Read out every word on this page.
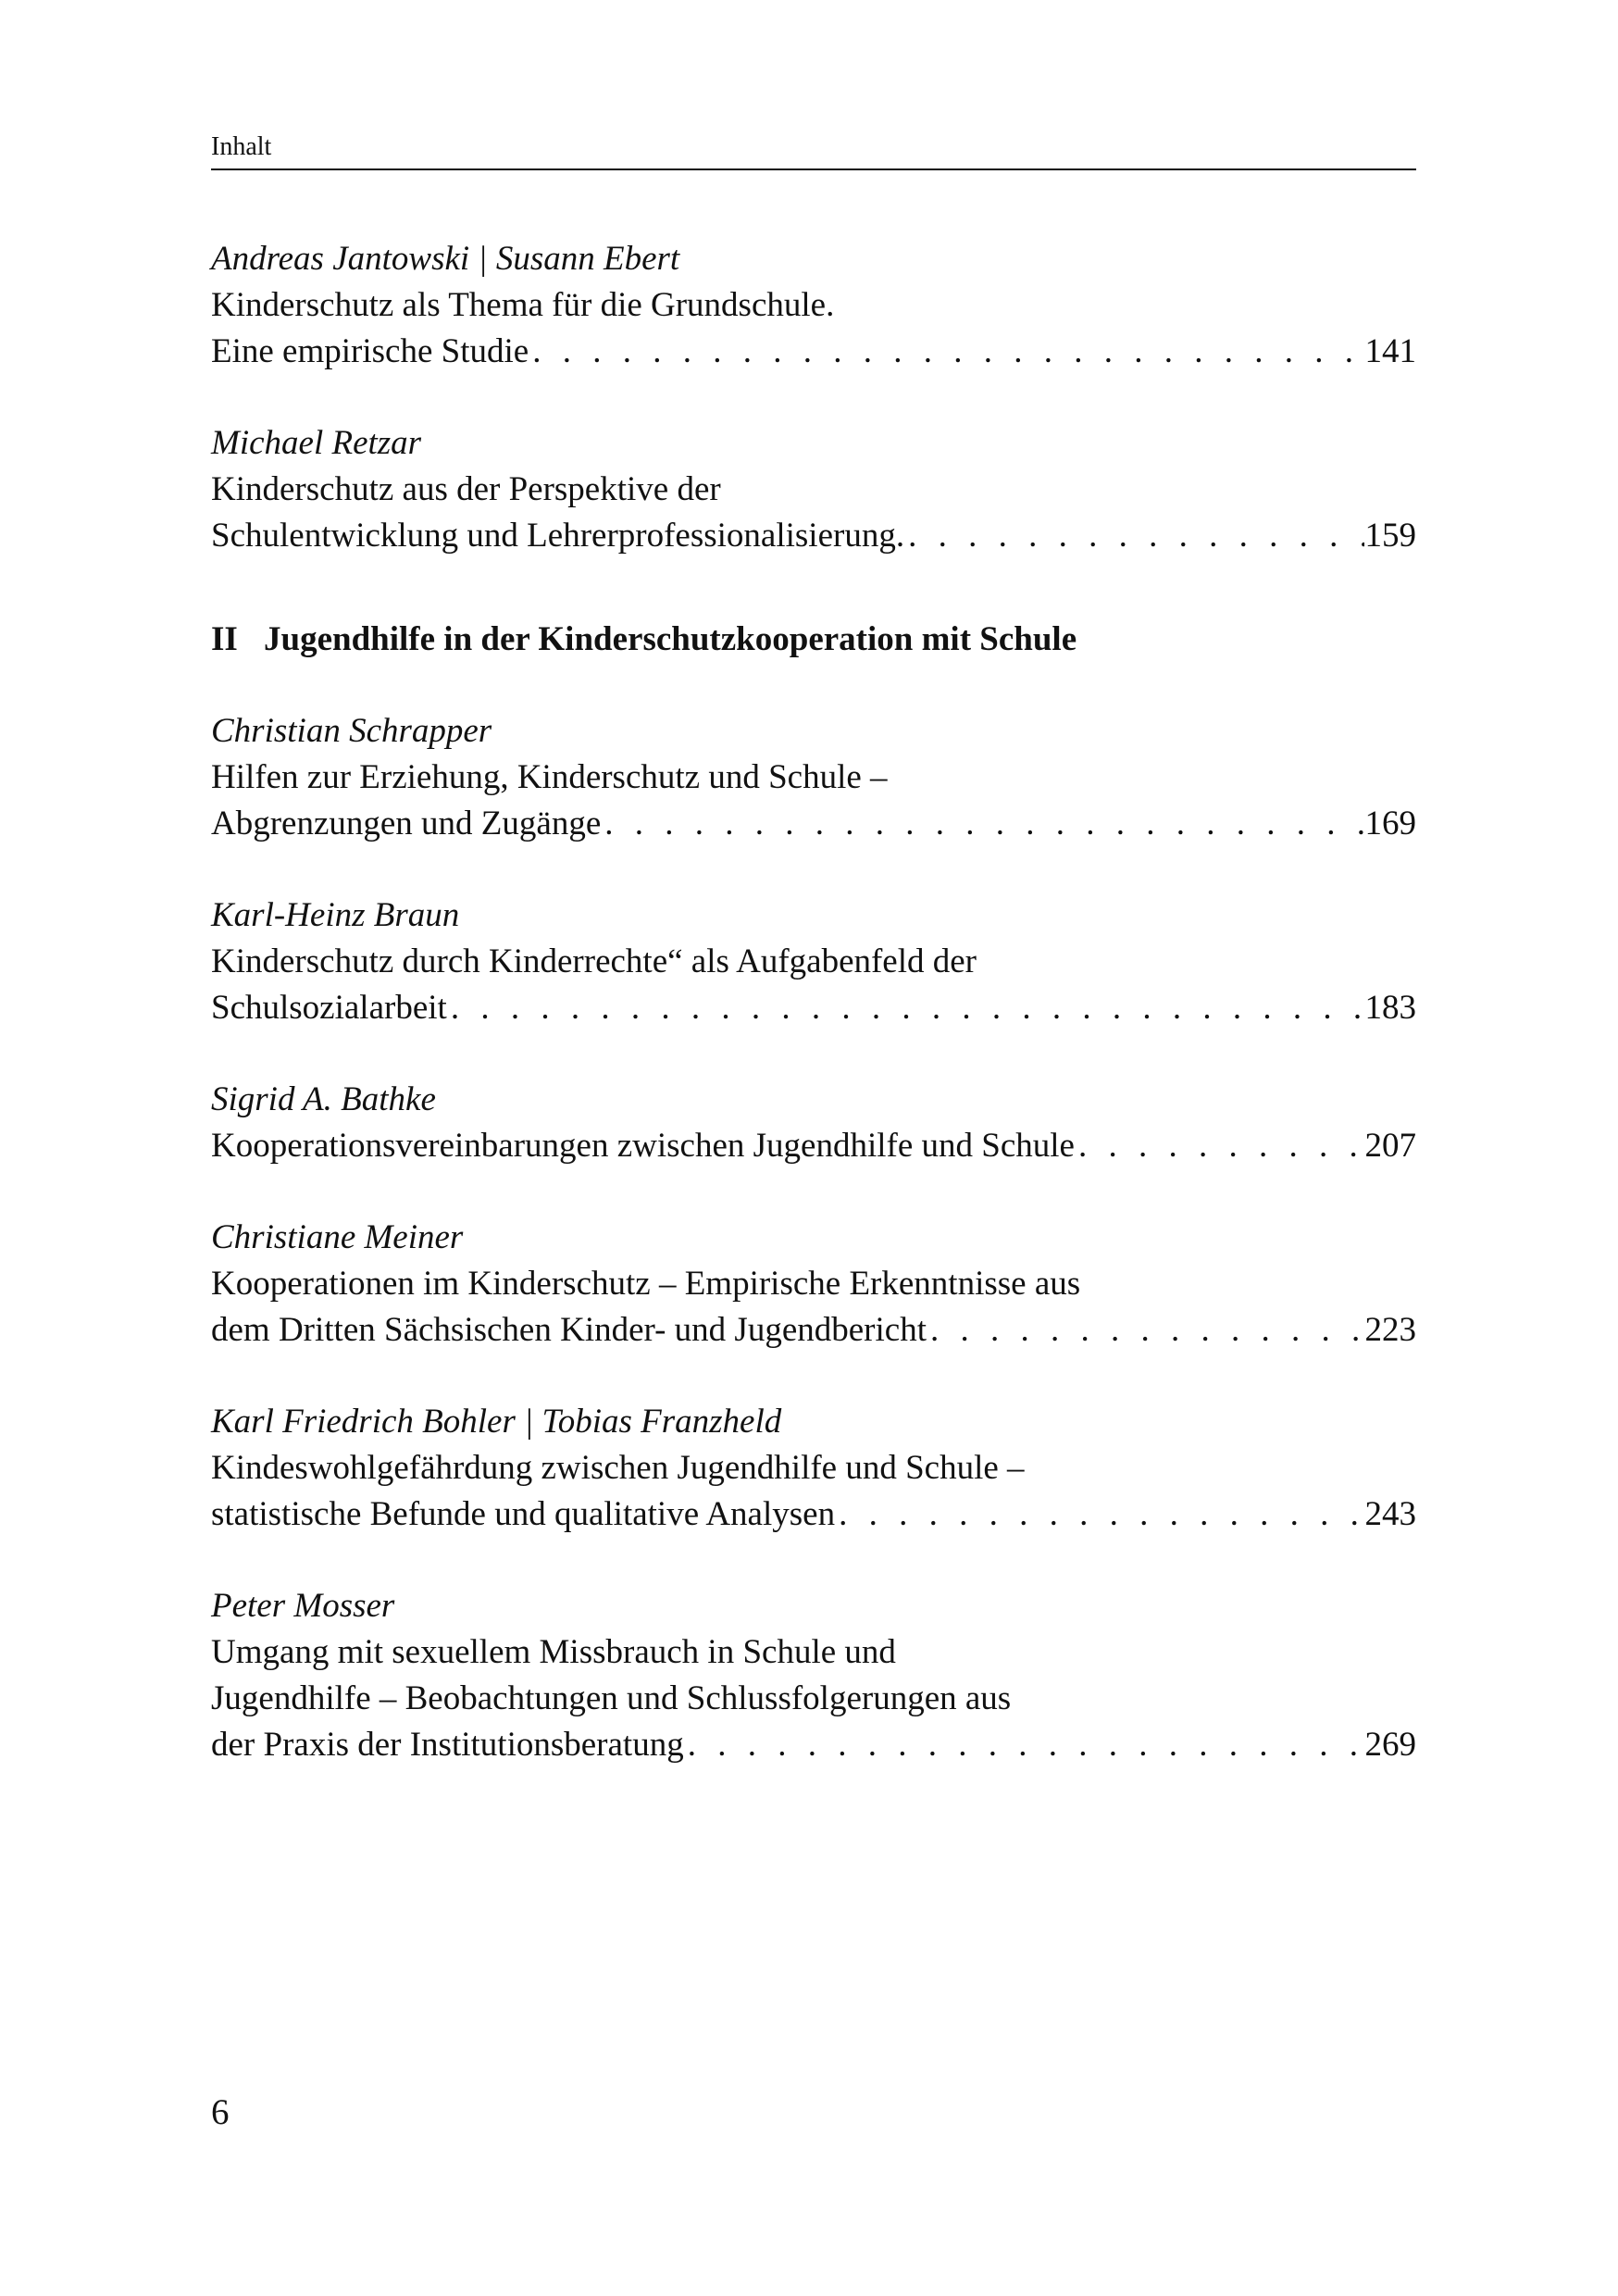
Inhalt
Andreas Jantowski | Susann Ebert
Kinderschutz als Thema für die Grundschule.
Eine empirische Studie . . .	141
Michael Retzar
Kinderschutz aus der Perspektive der
Schulentwicklung und Lehrerprofessionalisierung. . . .	159
II Jugendhilfe in der Kinderschutzkooperation mit Schule
Christian Schrapper
Hilfen zur Erziehung, Kinderschutz und Schule –
Abgrenzungen und Zugänge . . .	169
Karl-Heinz Braun
Kinderschutz durch Kinderrechte“ als Aufgabenfeld der
Schulsozialarbeit . . .	183
Sigrid A. Bathke
Kooperationsvereinbarungen zwischen Jugendhilfe und Schule . . .	207
Christiane Meiner
Kooperationen im Kinderschutz – Empirische Erkenntnisse aus
dem Dritten Sächsischen Kinder- und Jugendbericht . . .	223
Karl Friedrich Bohler | Tobias Franzheld
Kindeswohlgefährdung zwischen Jugendhilfe und Schule –
statistische Befunde und qualitative Analysen . . .	243
Peter Mosser
Umgang mit sexuellem Missbrauch in Schule und
Jugendhilfe – Beobachtungen und Schlussfolgerungen aus
der Praxis der Institutionsberatung . . .	269
6
